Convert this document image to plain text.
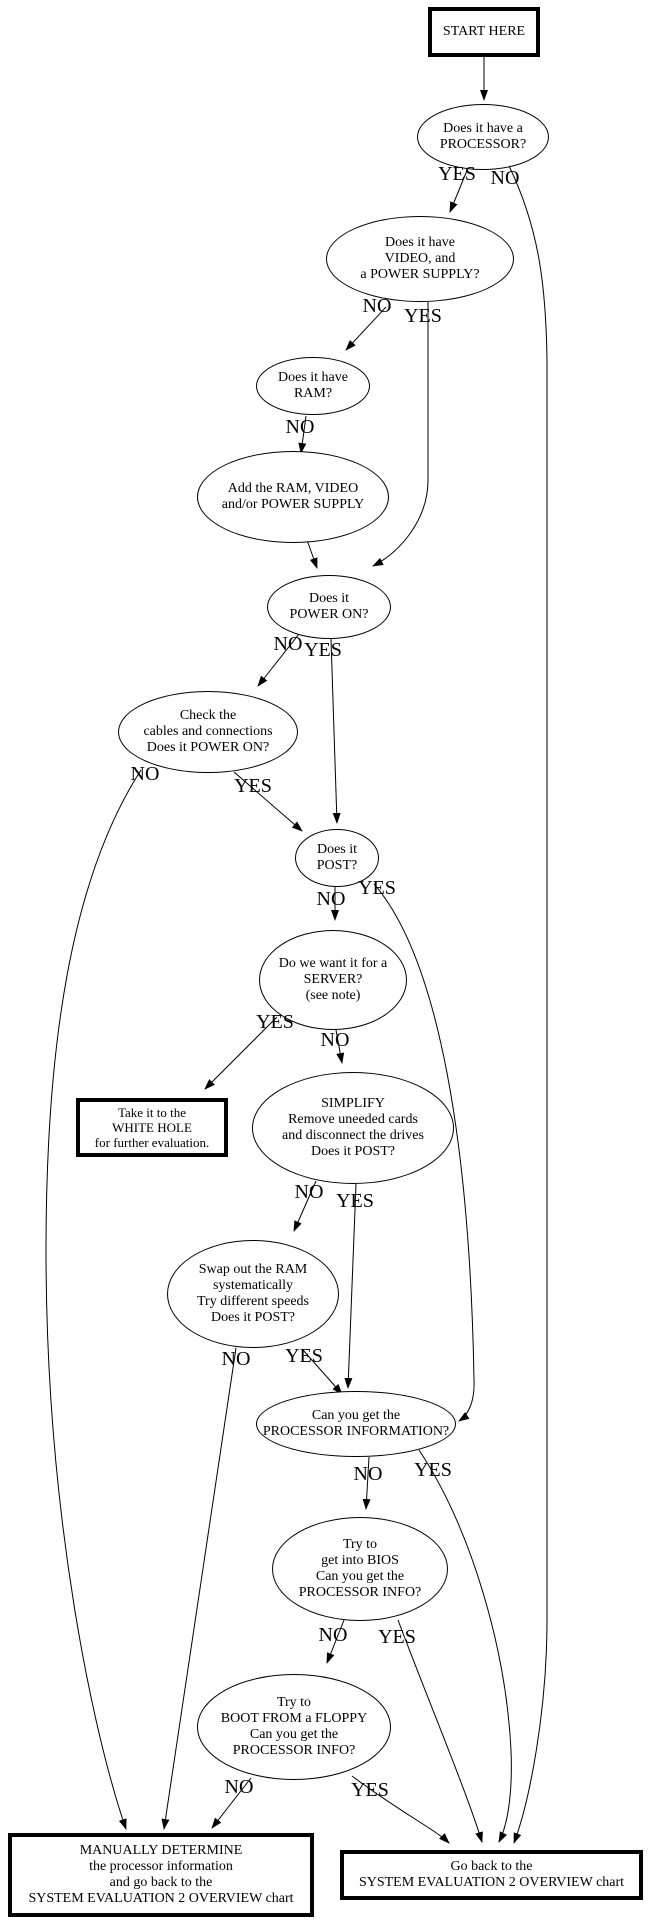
START HERE
Does it have a
PROCESSOR?
Does it have
VIDEO, and
a POWER SUPPLY?
Does it have
RAM?
Add the RAM, VIDEO
and/or POWER SUPPLY
Does it
POWER ON?
Check the
cables and connections
Does it POWER ON?
Does it
POST?
Do we want it for a
SERVER?
(see note)
Take it to the
WHITE HOLE
for further evaluation.
SIMPLIFY
Remove uneeded cards
and disconnect the drives
Does it POST?
Swap out the RAM
systematically
Try different speeds
Does it POST?
Can you get the
PROCESSOR INFORMATION?
Try to
get into BIOS
Can you get the
PROCESSOR INFO?
Try to
BOOT FROM a FLOPPY
Can you get the
PROCESSOR INFO?
MANUALLY DETERMINE
the processor information
and go back to the
SYSTEM EVALUATION 2 OVERVIEW chart
Go back to the
SYSTEM EVALUATION 2 OVERVIEW chart
YES NO
NO YES
NO
NO YES
NO
YES
NO YES
YES
NO
NO YES
NO YES
NO YES
NO YES
NO	YES
